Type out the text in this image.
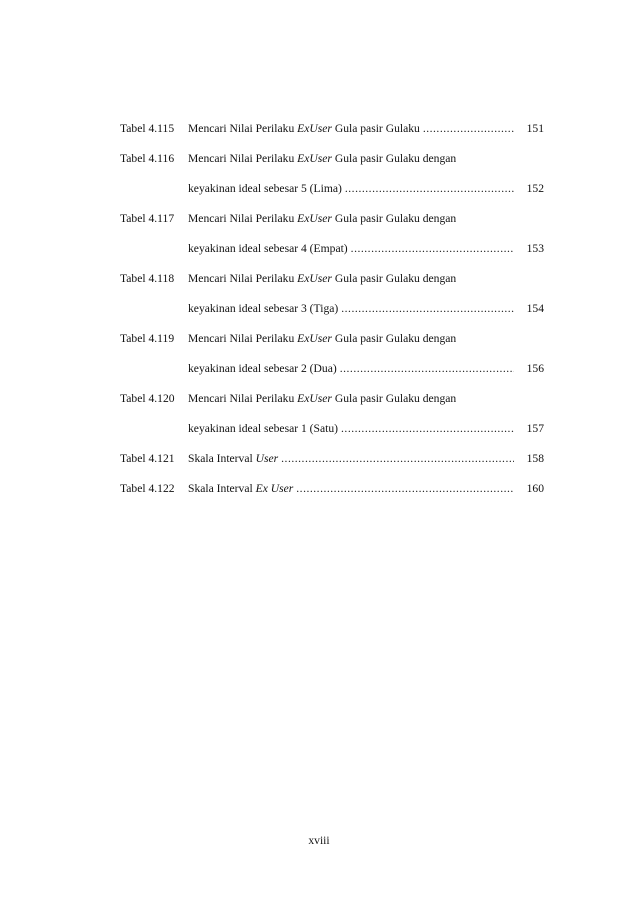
Tabel 4.115	Mencari Nilai Perilaku ExUser Gula pasir Gulaku .....	151
Tabel 4.116	Mencari Nilai Perilaku ExUser Gula pasir Gulaku dengan
keyakinan ideal sebesar 5 (Lima) .....	152
Tabel 4.117	Mencari Nilai Perilaku ExUser Gula pasir Gulaku dengan
keyakinan ideal sebesar 4 (Empat) .....	153
Tabel 4.118	Mencari Nilai Perilaku ExUser Gula pasir Gulaku dengan
keyakinan ideal sebesar 3 (Tiga) .....	154
Tabel 4.119	Mencari Nilai Perilaku ExUser Gula pasir Gulaku dengan
keyakinan ideal sebesar 2 (Dua) .....	156
Tabel 4.120	Mencari Nilai Perilaku ExUser Gula pasir Gulaku dengan
keyakinan ideal sebesar 1 (Satu) .....	157
Tabel 4.121	Skala Interval User .....	158
Tabel 4.122	Skala Interval Ex User .....	160
xviii
